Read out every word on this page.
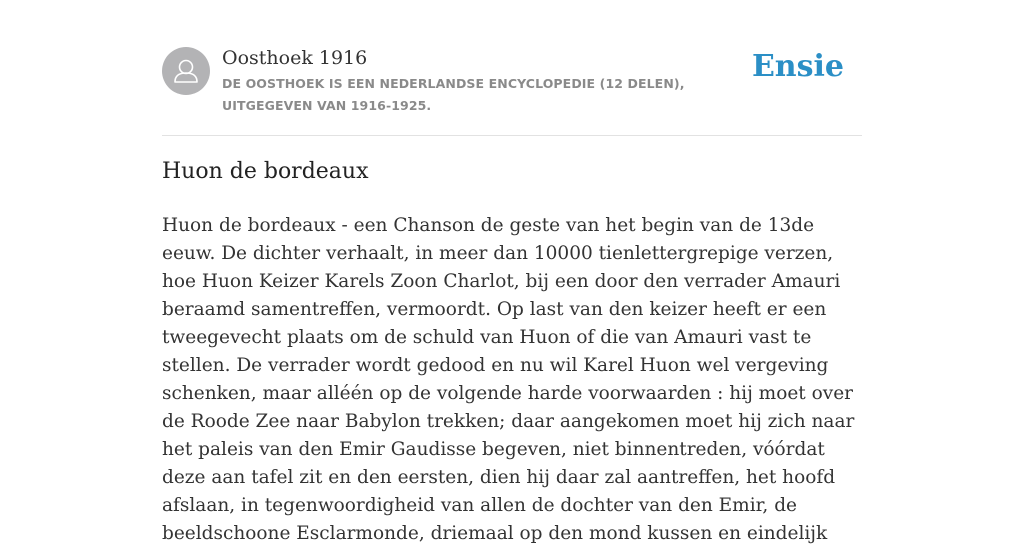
Oosthoek 1916
DE OOSTHOEK IS EEN NEDERLANDSE ENCYCLOPEDIE (12 DELEN), UITGEGEVEN VAN 1916-1925.
Ensie
Huon de bordeaux

Huon de bordeaux - een Chanson de geste van het begin van de 13de eeuw. De dichter verhaalt, in meer dan 10000 tienlettergrepige verzen, hoe Huon Keizer Karels Zoon Charlot, bij een door den verrader Amauri beraamd samentreffen, vermoordt. Op last van den keizer heeft er een tweegevecht plaats om de schuld van Huon of die van Amauri vast te stellen. De verrader wordt gedood en nu wil Karel Huon wel vergeving schenken, maar alléén op de volgende harde voorwaarden : hij moet over de Roode Zee naar Babylon trekken; daar aangekomen moet hij zich naar het paleis van den Emir Gaudisse begeven, niet binnentreden, vóórdat deze aan tafel zit en den eersten, dien hij daar zal aantreffen, het hoofd afslaan, in tegenwoordigheid van allen de dochter van den Emir, de beeldschoone Esclarmonde, driemaal op den mond kussen en eindelijk
